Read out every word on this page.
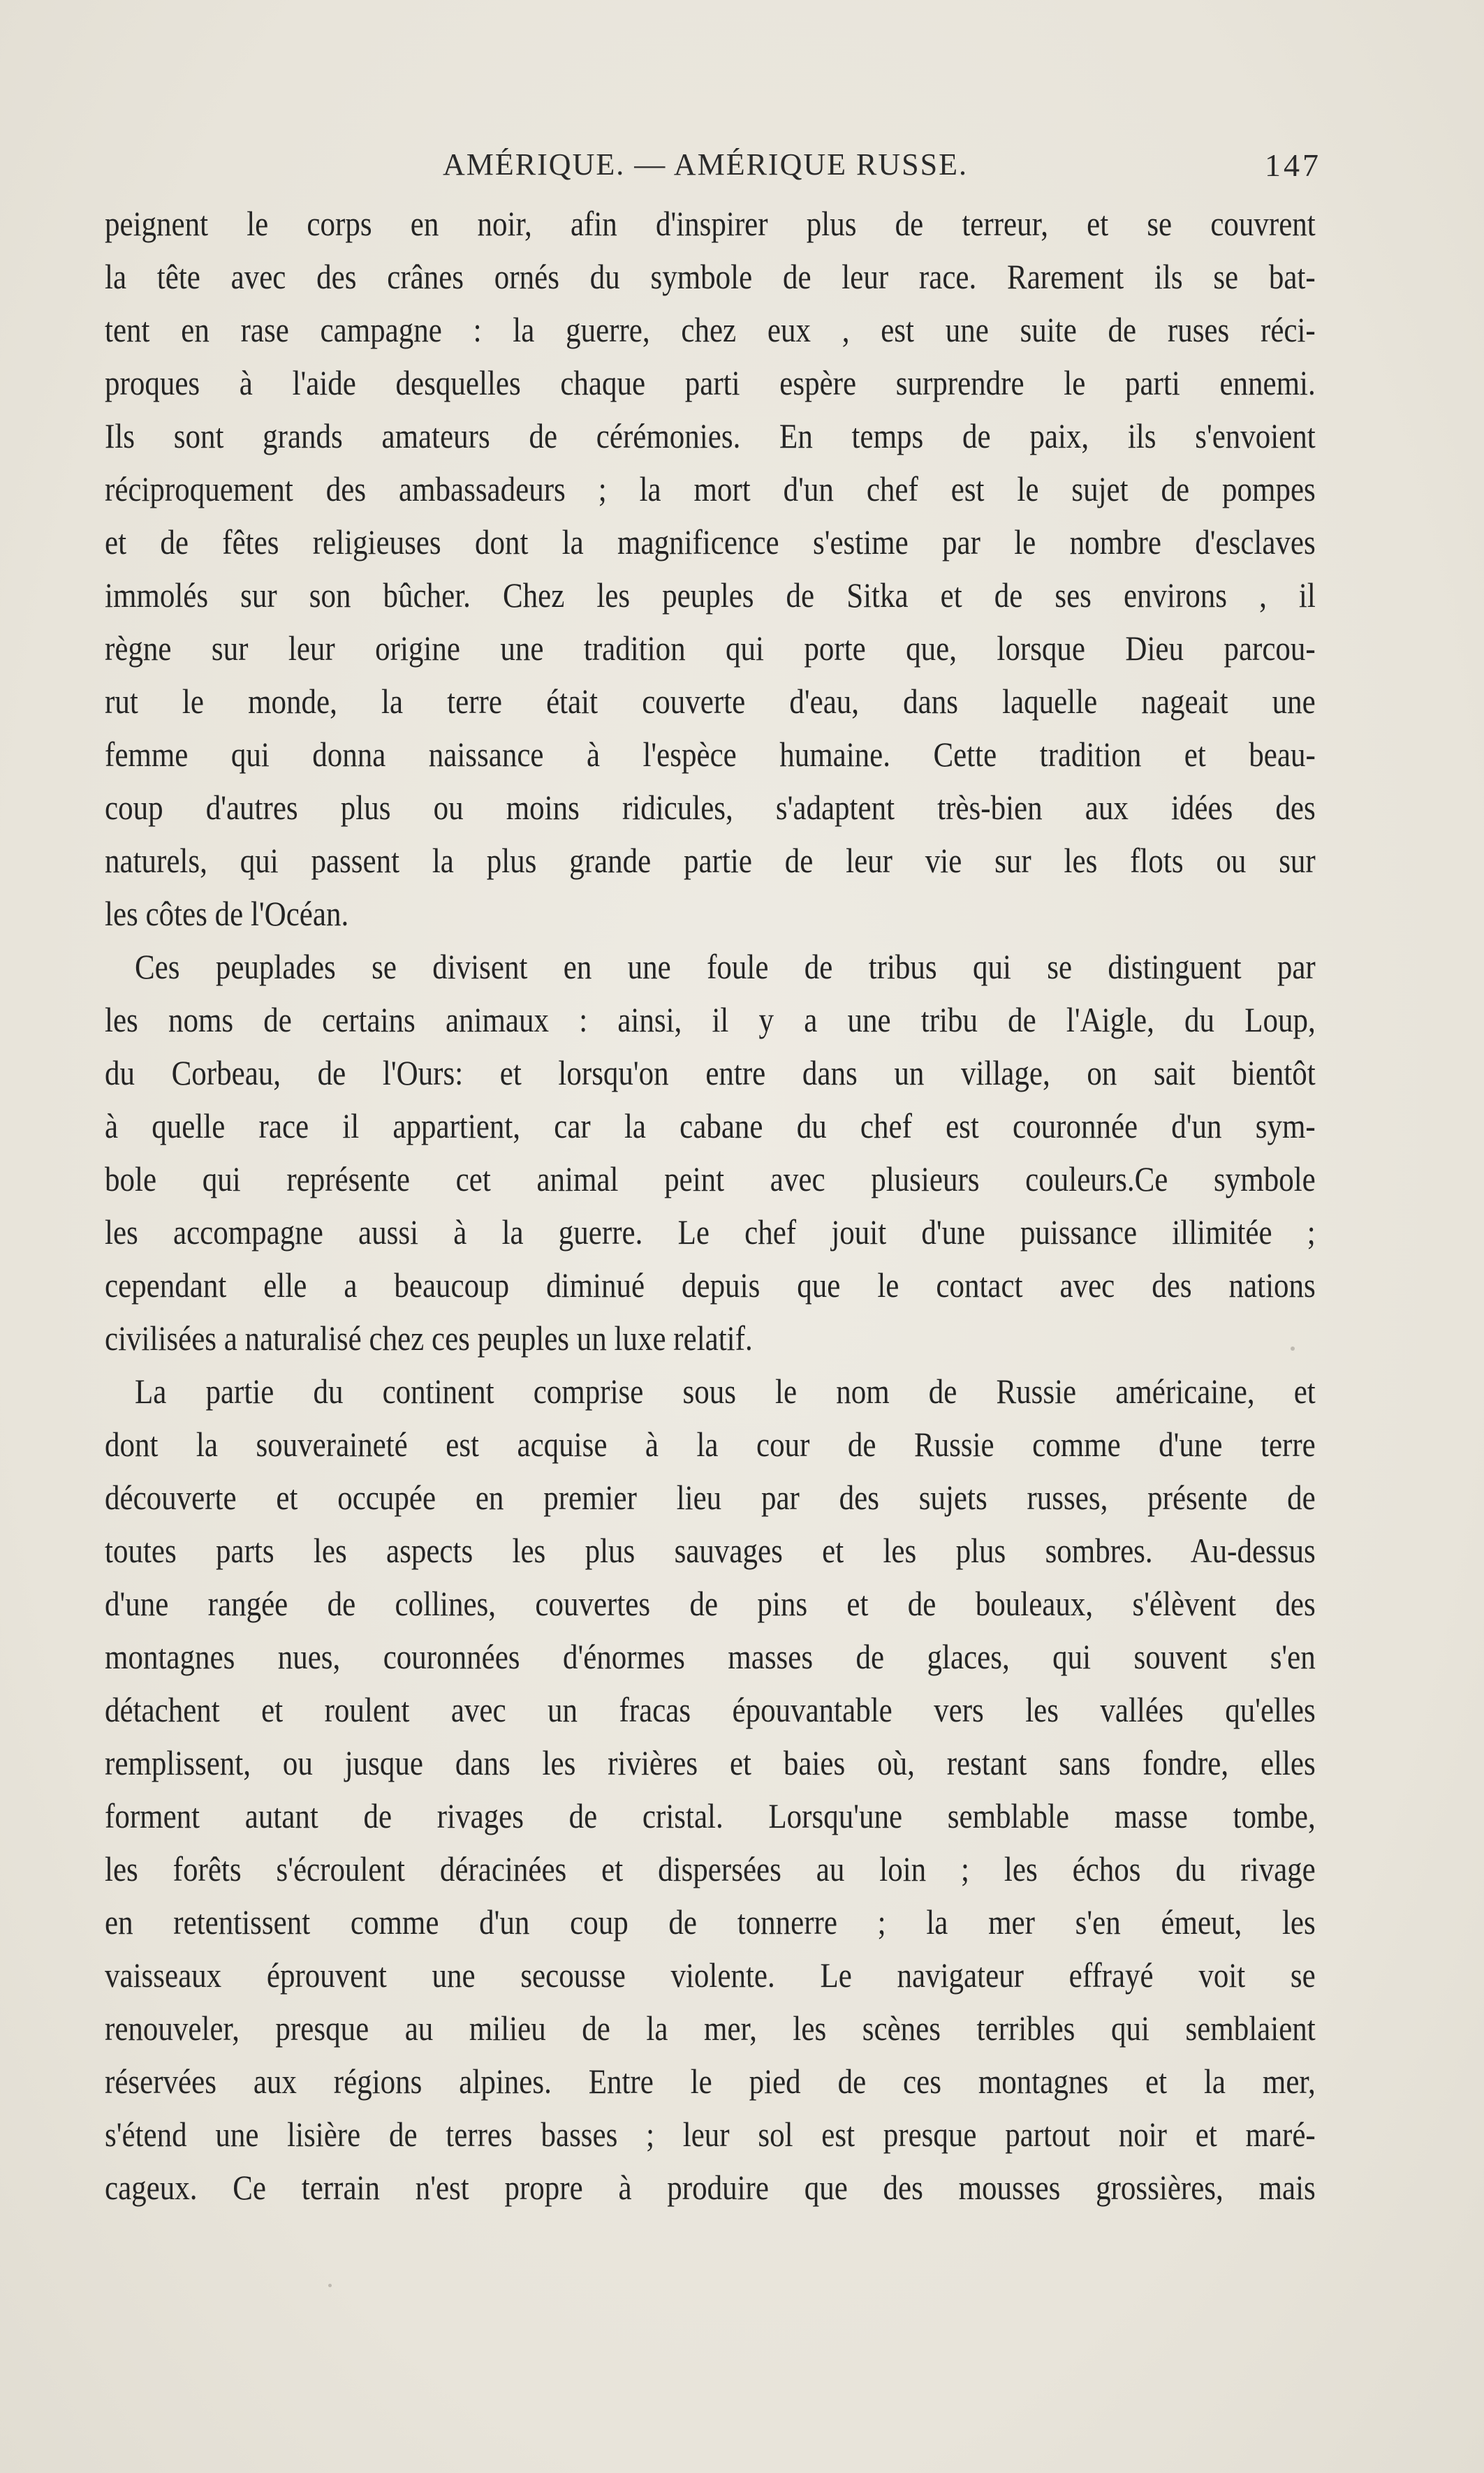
AMÉRIQUE. — AMÉRIQUE RUSSE.	147
peignent le corps en noir, afin d'inspirer plus de terreur, et se couvrent
la tête avec des crânes ornés du symbole de leur race. Rarement ils se bat-
tent en rase campagne : la guerre, chez eux , est une suite de ruses réci-
proques à l'aide desquelles chaque parti espère surprendre le parti ennemi.
Ils sont grands amateurs de cérémonies. En temps de paix, ils s'envoient
réciproquement des ambassadeurs ; la mort d'un chef est le sujet de pompes
et de fêtes religieuses dont la magnificence s'estime par le nombre d'esclaves
immolés sur son bûcher. Chez les peuples de Sitka et de ses environs , il
règne sur leur origine une tradition qui porte que, lorsque Dieu parcou-
rut le monde, la terre était couverte d'eau, dans laquelle nageait une
femme qui donna naissance à l'espèce humaine. Cette tradition et beau-
coup d'autres plus ou moins ridicules, s'adaptent très-bien aux idées des
naturels, qui passent la plus grande partie de leur vie sur les flots ou sur
les côtes de l'Océan.
Ces peuplades se divisent en une foule de tribus qui se distinguent par
les noms de certains animaux : ainsi, il y a une tribu de l'Aigle, du Loup,
du Corbeau, de l'Ours: et lorsqu'on entre dans un village, on sait bientôt
à quelle race il appartient, car la cabane du chef est couronnée d'un sym-
bole qui représente cet animal peint avec plusieurs couleurs.Ce symbole
les accompagne aussi à la guerre. Le chef jouit d'une puissance illimitée ;
cependant elle a beaucoup diminué depuis que le contact avec des nations
civilisées a naturalisé chez ces peuples un luxe relatif.
La partie du continent comprise sous le nom de Russie américaine, et
dont la souveraineté est acquise à la cour de Russie comme d'une terre
découverte et occupée en premier lieu par des sujets russes, présente de
toutes parts les aspects les plus sauvages et les plus sombres. Au-dessus
d'une rangée de collines, couvertes de pins et de bouleaux, s'élèvent des
montagnes nues, couronnées d'énormes masses de glaces, qui souvent s'en
détachent et roulent avec un fracas épouvantable vers les vallées qu'elles
remplissent, ou jusque dans les rivières et baies où, restant sans fondre, elles
forment autant de rivages de cristal. Lorsqu'une semblable masse tombe,
les forêts s'écroulent déracinées et dispersées au loin ; les échos du rivage
en retentissent comme d'un coup de tonnerre ; la mer s'en émeut, les
vaisseaux éprouvent une secousse violente. Le navigateur effrayé voit se
renouveler, presque au milieu de la mer, les scènes terribles qui semblaient
réservées aux régions alpines. Entre le pied de ces montagnes et la mer,
s'étend une lisière de terres basses ; leur sol est presque partout noir et maré-
cageux. Ce terrain n'est propre à produire que des mousses grossières, mais
